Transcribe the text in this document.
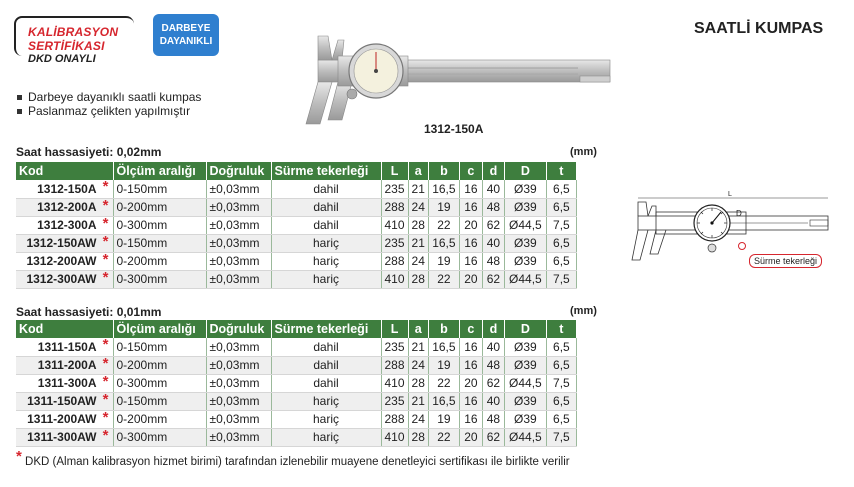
KALİBRASYON
SERTİFİKASI
DKD ONAYLI
DARBEYE
DAYANIKLI
SAATLİ KUMPAS
Darbeye dayanıklı saatli kumpas
Paslanmaz çelikten yapılmıştır
1312-150A
Saat hassasiyeti: 0,02mm	(mm)
Kod	Ölçüm aralığı	Doğruluk	Sürme tekerleği	L	a	b	c	d	D	t
1312-150A *	0-150mm	±0,03mm	dahil	235	21	16,5	16	40	Ø39	6,5
1312-200A *	0-200mm	±0,03mm	dahil	288	24	19	16	48	Ø39	6,5
1312-300A *	0-300mm	±0,03mm	dahil	410	28	22	20	62	Ø44,5	7,5
1312-150AW *	0-150mm	±0,03mm	hariç	235	21	16,5	16	40	Ø39	6,5
1312-200AW *	0-200mm	±0,03mm	hariç	288	24	19	16	48	Ø39	6,5
1312-300AW *	0-300mm	±0,03mm	hariç	410	28	22	20	62	Ø44,5	7,5
Saat hassasiyeti: 0,01mm	(mm)
Kod	Ölçüm aralığı	Doğruluk	Sürme tekerleği	L	a	b	c	d	D	t
1311-150A *	0-150mm	±0,03mm	dahil	235	21	16,5	16	40	Ø39	6,5
1311-200A *	0-200mm	±0,03mm	dahil	288	24	19	16	48	Ø39	6,5
1311-300A *	0-300mm	±0,03mm	dahil	410	28	22	20	62	Ø44,5	7,5
1311-150AW *	0-150mm	±0,03mm	hariç	235	21	16,5	16	40	Ø39	6,5
1311-200AW *	0-200mm	±0,03mm	hariç	288	24	19	16	48	Ø39	6,5
1311-300AW *	0-300mm	±0,03mm	hariç	410	28	22	20	62	Ø44,5	7,5
L
D
Sürme tekerleği
* DKD (Alman kalibrasyon hizmet birimi) tarafından izlenebilir muayene denetleyici sertifikası ile birlikte verilir
